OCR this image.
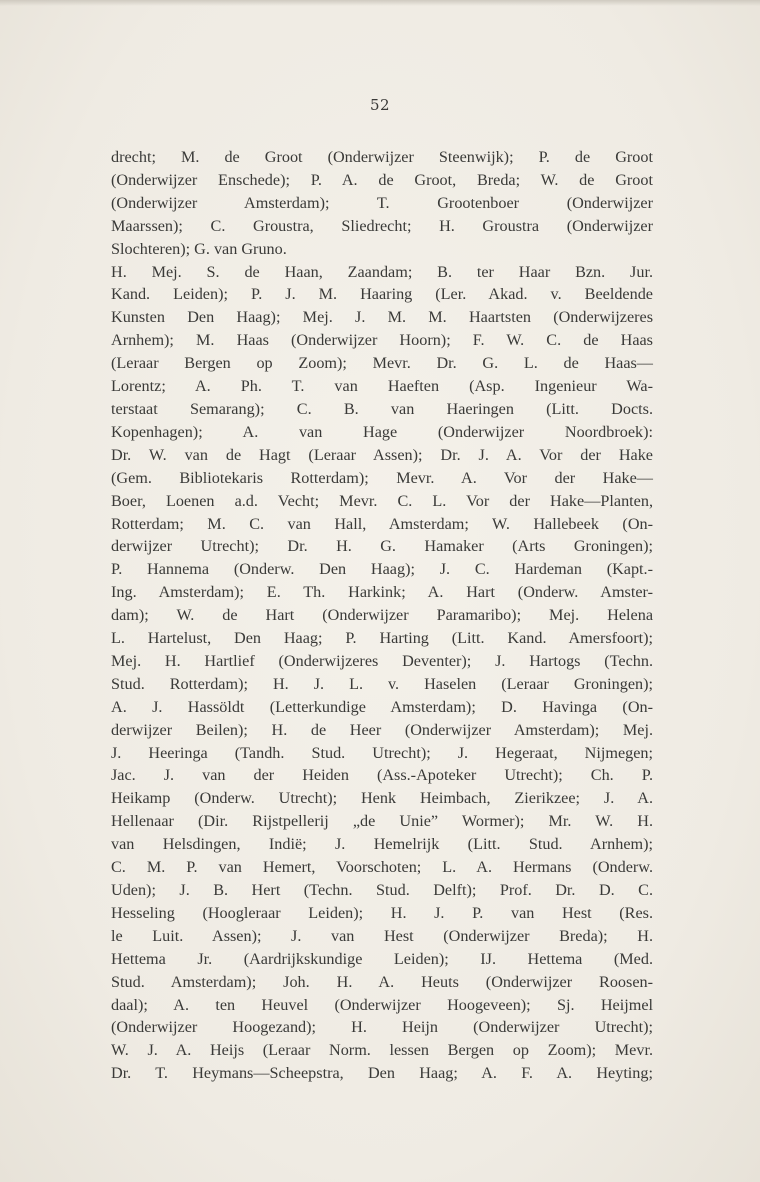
52
drecht; M. de Groot (Onderwijzer Steenwijk); P. de Groot
(Onderwijzer Enschede); P. A. de Groot, Breda; W. de Groot
(Onderwijzer Amsterdam); T. Grootenboer (Onderwijzer
Maarssen); C. Groustra, Sliedrecht; H. Groustra (Onderwijzer
Slochteren); G. van Gruno.
H. Mej. S. de Haan, Zaandam; B. ter Haar Bzn. Jur.
Kand. Leiden); P. J. M. Haaring (Ler. Akad. v. Beeldende
Kunsten Den Haag); Mej. J. M. M. Haartsten (Onderwijzeres
Arnhem); M. Haas (Onderwijzer Hoorn); F. W. C. de Haas
(Leraar Bergen op Zoom); Mevr. Dr. G. L. de Haas—
Lorentz; A. Ph. T. van Haeften (Asp. Ingenieur Wa-
terstaat Semarang); C. B. van Haeringen (Litt. Docts.
Kopenhagen); A. van Hage (Onderwijzer Noordbroek):
Dr. W. van de Hagt (Leraar Assen); Dr. J. A. Vor der Hake
(Gem. Bibliotekaris Rotterdam); Mevr. A. Vor der Hake—
Boer, Loenen a.d. Vecht; Mevr. C. L. Vor der Hake—Planten,
Rotterdam; M. C. van Hall, Amsterdam; W. Hallebeek (On-
derwijzer Utrecht); Dr. H. G. Hamaker (Arts Groningen);
P. Hannema (Onderw. Den Haag); J. C. Hardeman (Kapt.-
Ing. Amsterdam); E. Th. Harkink; A. Hart (Onderw. Amster-
dam); W. de Hart (Onderwijzer Paramaribo); Mej. Helena
L. Hartelust, Den Haag; P. Harting (Litt. Kand. Amersfoort);
Mej. H. Hartlief (Onderwijzeres Deventer); J. Hartogs (Techn.
Stud. Rotterdam); H. J. L. v. Haselen (Leraar Groningen);
A. J. Hassöldt (Letterkundige Amsterdam); D. Havinga (On-
derwijzer Beilen); H. de Heer (Onderwijzer Amsterdam); Mej.
J. Heeringa (Tandh. Stud. Utrecht); J. Hegeraat, Nijmegen;
Jac. J. van der Heiden (Ass.-Apoteker Utrecht); Ch. P.
Heikamp (Onderw. Utrecht); Henk Heimbach, Zierikzee; J. A.
Hellenaar (Dir. Rijstpellerij „de Unie” Wormer); Mr. W. H.
van Helsdingen, Indië; J. Hemelrijk (Litt. Stud. Arnhem);
C. M. P. van Hemert, Voorschoten; L. A. Hermans (Onderw.
Uden); J. B. Hert (Techn. Stud. Delft); Prof. Dr. D. C.
Hesseling (Hoogleraar Leiden); H. J. P. van Hest (Res.
le Luit. Assen); J. van Hest (Onderwijzer Breda); H.
Hettema Jr. (Aardrijkskundige Leiden); IJ. Hettema (Med.
Stud. Amsterdam); Joh. H. A. Heuts (Onderwijzer Roosen-
daal); A. ten Heuvel (Onderwijzer Hoogeveen); Sj. Heijmel
(Onderwijzer Hoogezand); H. Heijn (Onderwijzer Utrecht);
W. J. A. Heijs (Leraar Norm. lessen Bergen op Zoom); Mevr.
Dr. T. Heymans—Scheepstra, Den Haag; A. F. A. Heyting;
